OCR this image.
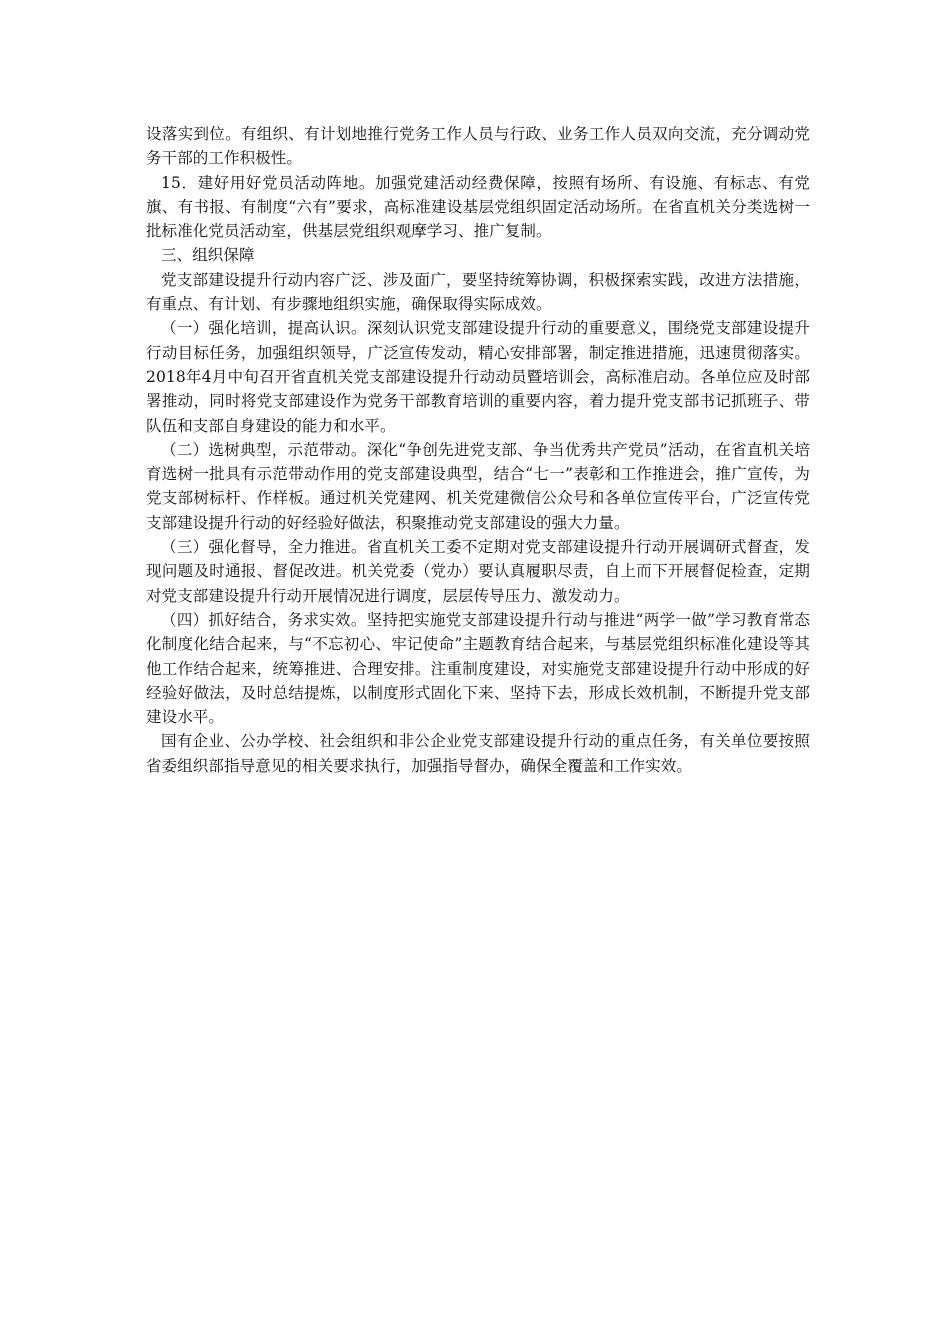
设落实到位。有组织、有计划地推行党务工作人员与行政、业务工作人员双向交流，充分调动党务干部的工作积极性。

15．建好用好党员活动阵地。加强党建活动经费保障，按照有场所、有设施、有标志、有党旗、有书报、有制度“六有”要求，高标准建设基层党组织固定活动场所。在省直机关分类选树一批标准化党员活动室，供基层党组织观摩学习、推广复制。

三、组织保障

党支部建设提升行动内容广泛、涉及面广，要坚持统筹协调，积极探索实践，改进方法措施，有重点、有计划、有步骤地组织实施，确保取得实际成效。

（一）强化培训，提高认识。深刻认识党支部建设提升行动的重要意义，围绕党支部建设提升行动目标任务，加强组织领导，广泛宣传发动，精心安排部署，制定推进措施，迅速贯彻落实。2018年4月中旬召开省直机关党支部建设提升行动动员暨培训会，高标准启动。各单位应及时部署推动，同时将党支部建设作为党务干部教育培训的重要内容，着力提升党支部书记抓班子、带队伍和支部自身建设的能力和水平。

（二）选树典型，示范带动。深化“争创先进党支部、争当优秀共产党员”活动，在省直机关培育选树一批具有示范带动作用的党支部建设典型，结合“七一”表彰和工作推进会，推广宣传，为党支部树标杆、作样板。通过机关党建网、机关党建微信公众号和各单位宣传平台，广泛宣传党支部建设提升行动的好经验好做法，积聚推动党支部建设的强大力量。

（三）强化督导，全力推进。省直机关工委不定期对党支部建设提升行动开展调研式督查，发现问题及时通报、督促改进。机关党委（党办）要认真履职尽责，自上而下开展督促检查，定期对党支部建设提升行动开展情况进行调度，层层传导压力、激发动力。

（四）抓好结合，务求实效。坚持把实施党支部建设提升行动与推进“两学一做”学习教育常态化制度化结合起来，与“不忘初心、牢记使命”主题教育结合起来，与基层党组织标准化建设等其他工作结合起来，统筹推进、合理安排。注重制度建设，对实施党支部建设提升行动中形成的好经验好做法，及时总结提炼，以制度形式固化下来、坚持下去，形成长效机制，不断提升党支部建设水平。

国有企业、公办学校、社会组织和非公企业党支部建设提升行动的重点任务，有关单位要按照省委组织部指导意见的相关要求执行，加强指导督办，确保全覆盖和工作实效。
